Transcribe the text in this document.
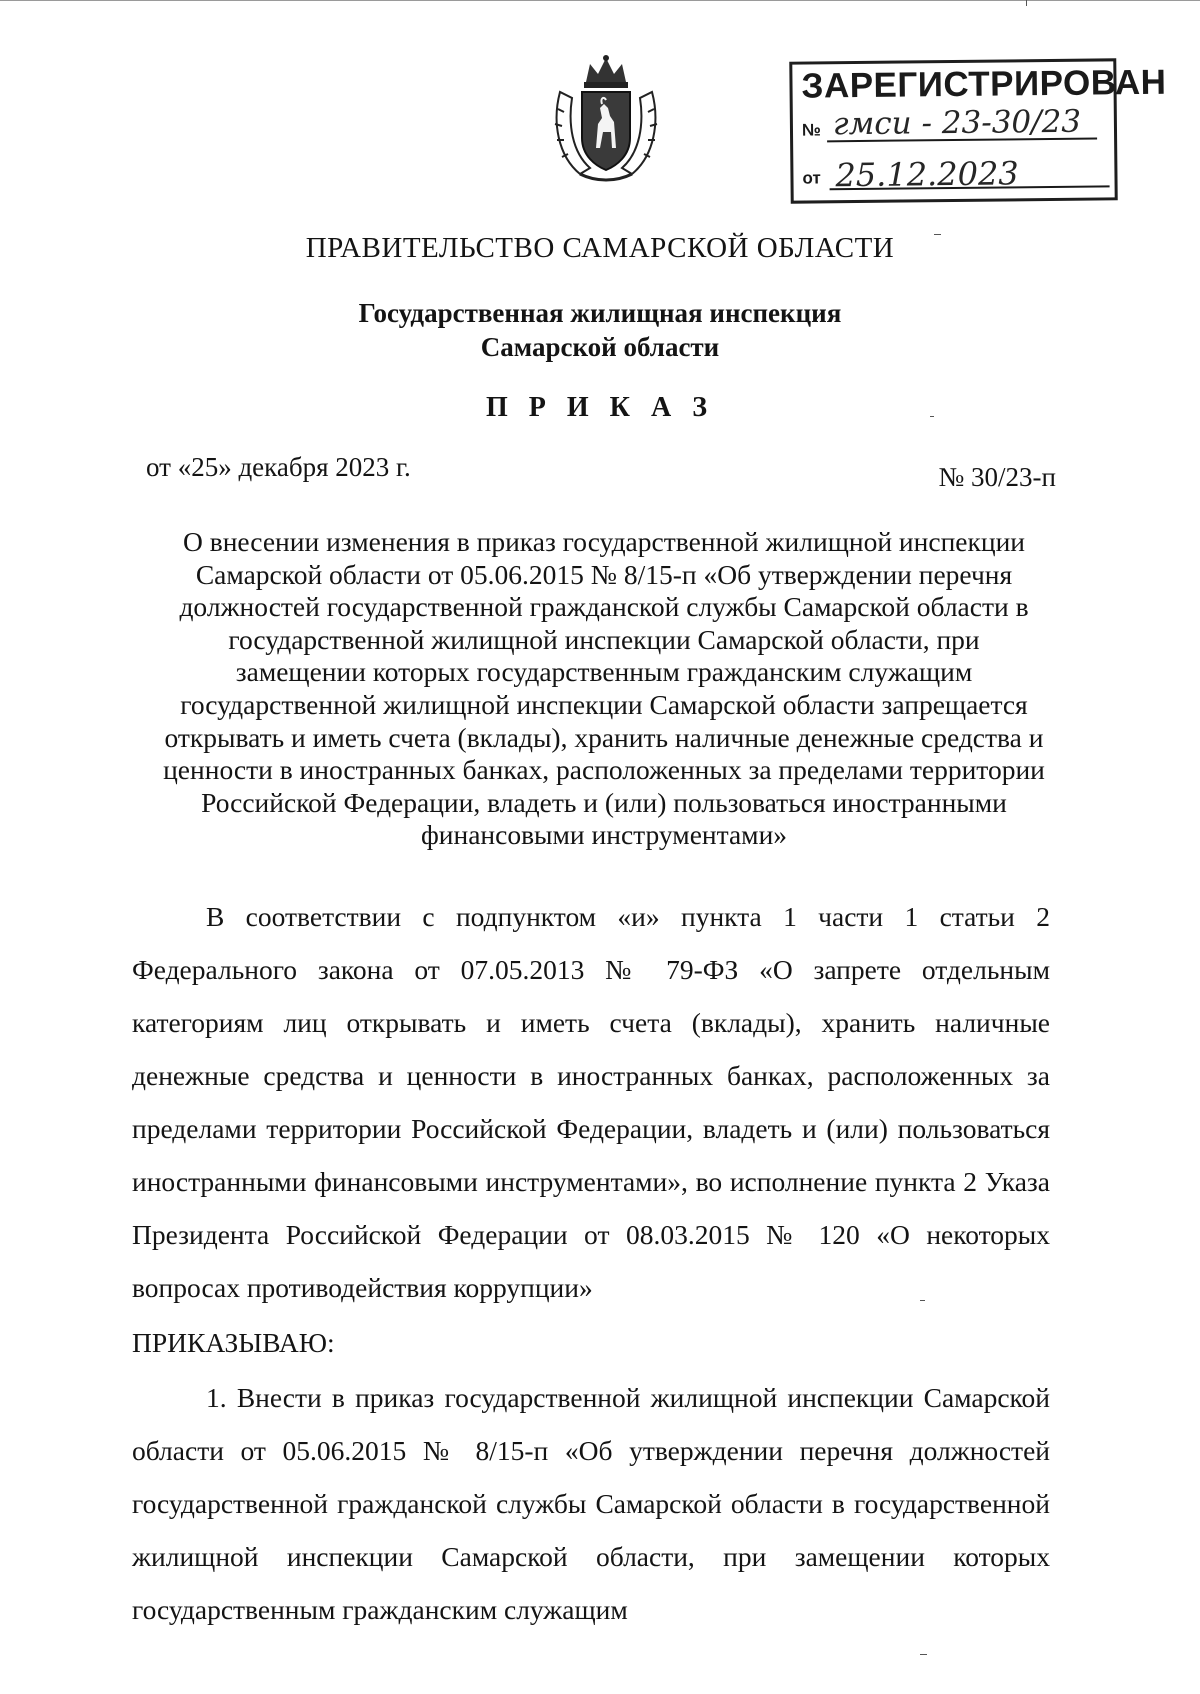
ЗАРЕГИСТРИРОВАН
№ гмси - 23-30/23
от 25.12.2023
ПРАВИТЕЛЬСТВО САМАРСКОЙ ОБЛАСТИ
Государственная жилищная инспекция
Самарской области
П Р И К А З
от «25» декабря 2023 г.	№ 30/23-п
О внесении изменения в приказ государственной жилищной инспекции
Самарской области от 05.06.2015 № 8/15-п «Об утверждении перечня
должностей государственной гражданской службы Самарской области в
государственной жилищной инспекции Самарской области, при
замещении которых государственным гражданским служащим
государственной жилищной инспекции Самарской области запрещается
открывать и иметь счета (вклады), хранить наличные денежные средства и
ценности в иностранных банках, расположенных за пределами территории
Российской Федерации, владеть и (или) пользоваться иностранными
финансовыми инструментами»

В соответствии с подпунктом «и» пункта 1 части 1 статьи 2 Федерального закона от 07.05.2013 № 79-ФЗ «О запрете отдельным категориям лиц открывать и иметь счета (вклады), хранить наличные денежные средства и ценности в иностранных банках, расположенных за пределами территории Российской Федерации, владеть и (или) пользоваться иностранными финансовыми инструментами», во исполнение пункта 2 Указа Президента Российской Федерации от 08.03.2015 № 120 «О некоторых вопросах противодействия коррупции»

ПРИКАЗЫВАЮ:

1. Внести в приказ государственной жилищной инспекции Самарской области от 05.06.2015 № 8/15-п «Об утверждении перечня должностей государственной гражданской службы Самарской области в государственной жилищной инспекции Самарской области, при замещении которых государственным гражданским служащим
